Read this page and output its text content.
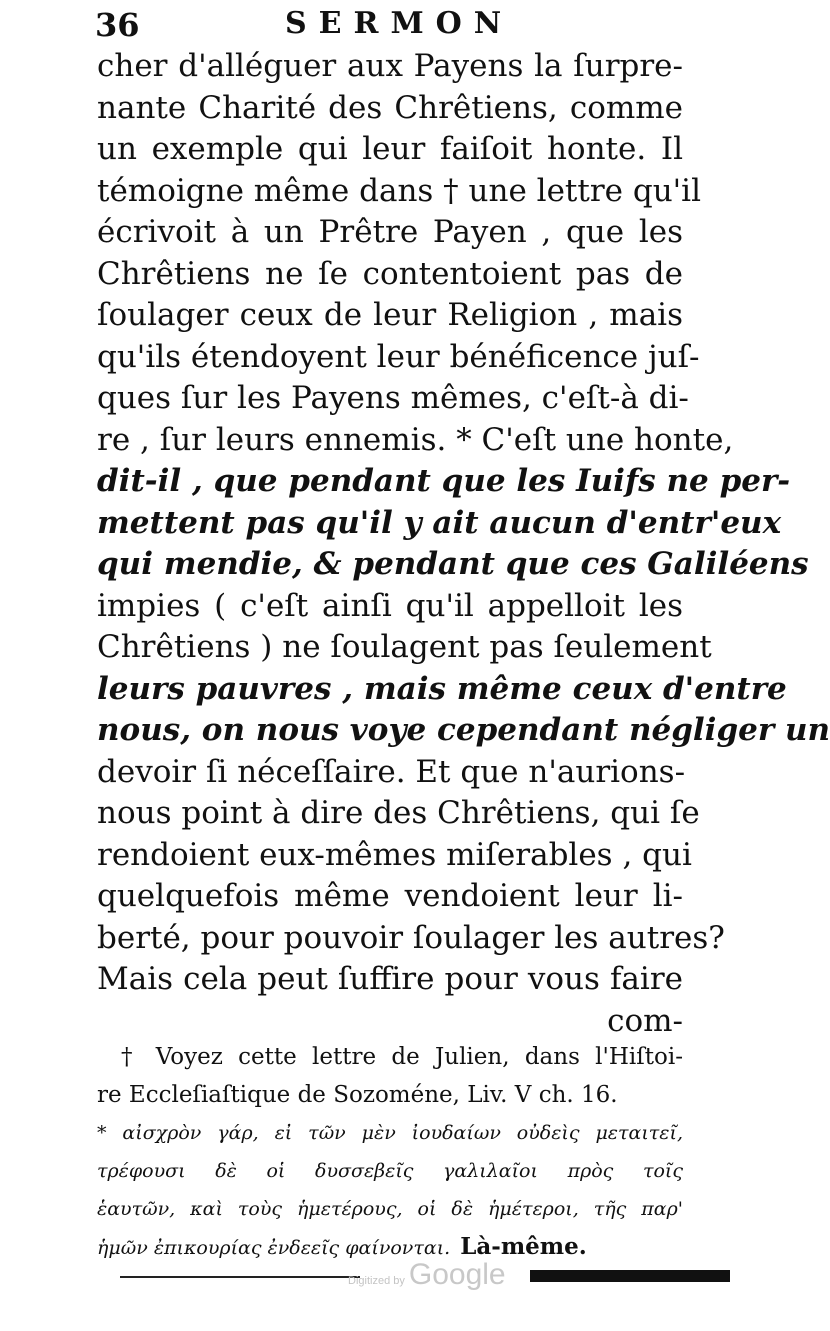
36	SERMON
cher d'alléguer aux Payens la ſurpre-
nante Charité des Chrêtiens, comme
un exemple qui leur faiſoit honte. Il
témoigne même dans † une lettre qu'il
écrivoit à un Prêtre Payen , que les
Chrêtiens ne ſe contentoient pas de
ſoulager ceux de leur Religion , mais
qu'ils étendoyent leur bénéficence juſ-
ques ſur les Payens mêmes, c'eſt-à di-
re , ſur leurs ennemis. * C'eſt une honte,
dit-il , que pendant que les Iuifs ne per-
mettent pas qu'il y ait aucun d'entr'eux
qui mendie, & pendant que ces Galiléens
impies ( c'eſt ainſi qu'il appelloit les
Chrêtiens ) ne ſoulagent pas ſeulement
leurs pauvres , mais même ceux d'entre
nous, on nous voye cependant négliger un
devoir ſi néceſſaire. Et que n'aurions-
nous point à dire des Chrêtiens, qui ſe
rendoient eux-mêmes miſerables , qui
quelquefois même vendoient leur li-
berté, pour pouvoir ſoulager les autres?
Mais cela peut ſuffire pour vous faire
com-
† Voyez cette lettre de Julien, dans l'Hiſtoi-
re Eccleſiaſtique de Sozoméne, Liv. V ch. 16.
* αἰσχρὸν γάρ, εἰ τῶν μὲν ἰουδαίων οὐδεὶς μεταιτεῖ,
τρέφουσι δὲ οἱ δυσσεβεῖς γαλιλαῖοι πρὸς τοῖς
ἑαυτῶν, καὶ τοὺς ἡμετέρους, οἱ δὲ ἡμέτεροι, τῆς παρ'
ἡμῶν ἐπικουρίας ἐνδεεῖς φαίνονται. Là-même.
Digitized by Google
